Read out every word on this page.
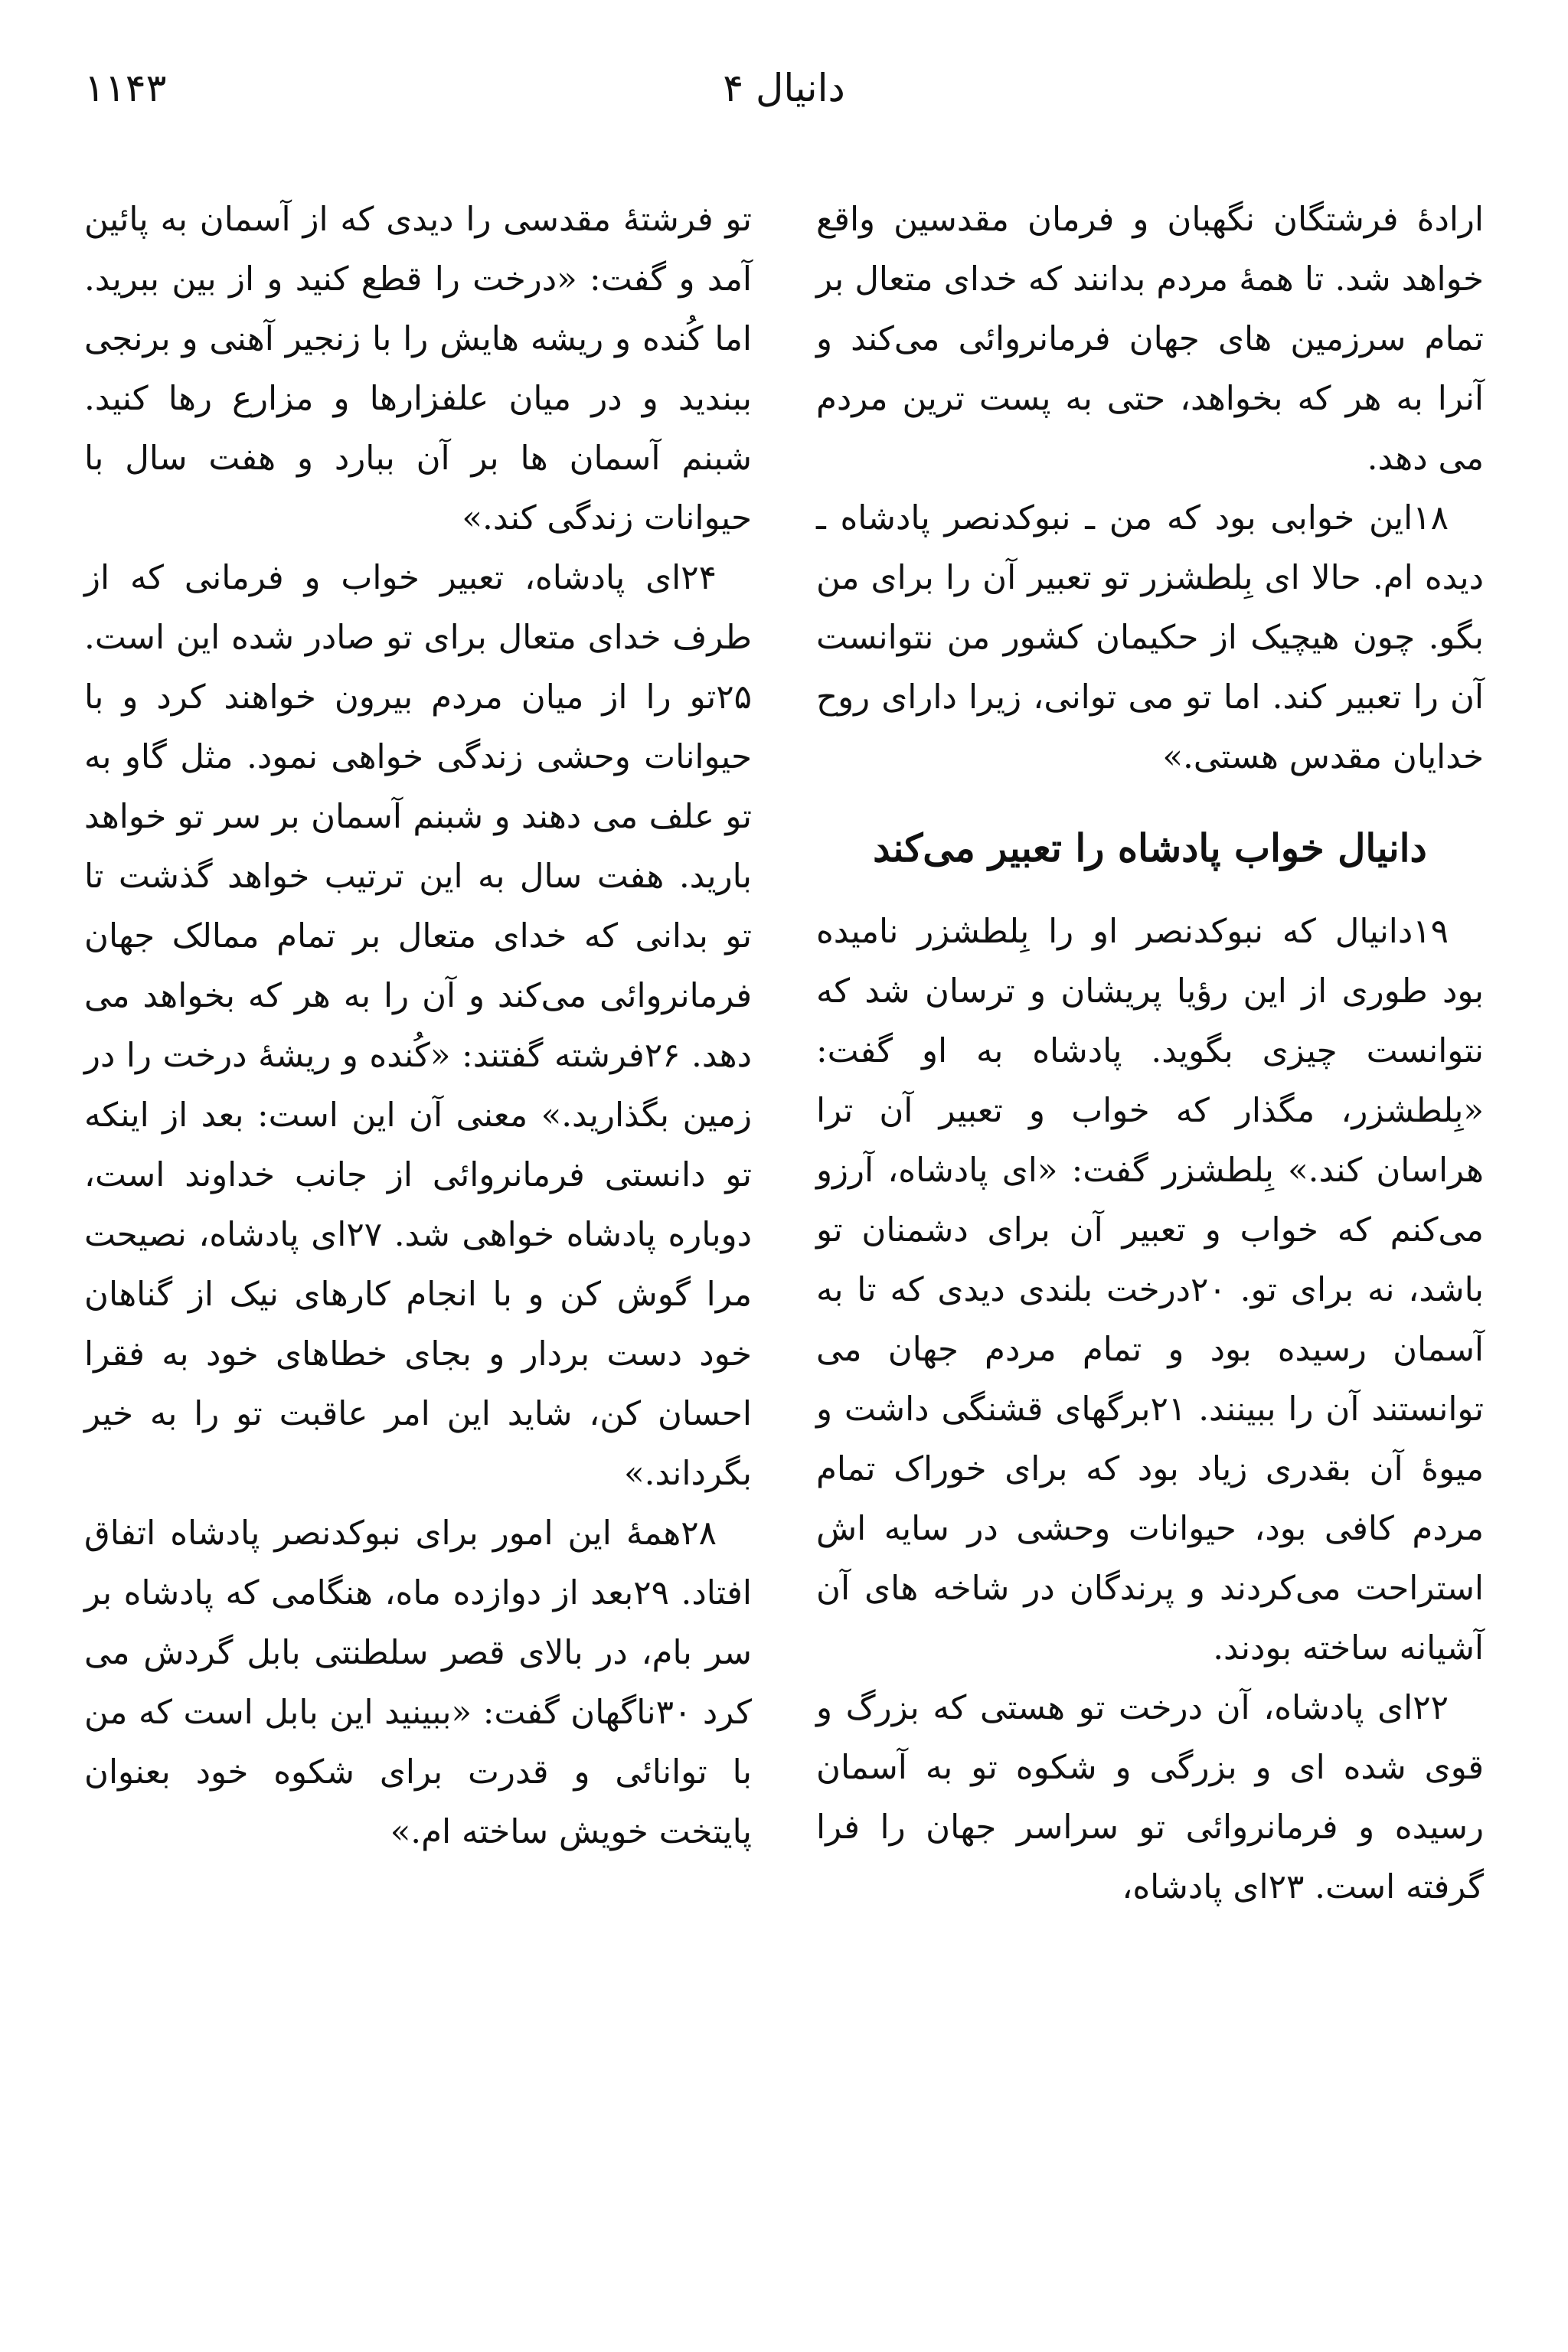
دانیال ۴
۱۱۴۳

ارادۀ فرشتگان نگهبان و فرمان مقدسین واقع خواهد شد. تا همۀ مردم بدانند که خدای متعال بر تمام سرزمین های جهان فرمانروائی می‌کند و آنرا به هر که بخواهد، حتی به پست ترین مردم می دهد.

۱۸این خوابی بود که من ـ نبوکدنصر پادشاه ـ دیده ام. حالا ای بِلطشزر تو تعبیر آن را برای من بگو. چون هیچیک از حکیمان کشور من نتوانست آن را تعبیر کند. اما تو می توانی، زیرا دارای روح خدایان مقدس هستی.»

دانیال خواب پادشاه را تعبیر می‌کند

۱۹دانیال که نبوکدنصر او را بِلطشزر نامیده بود طوری از این رؤیا پریشان و ترسان شد که نتوانست چیزی بگوید. پادشاه به او گفت: «بِلطشزر، مگذار که خواب و تعبیر آن ترا هراسان کند.» بِلطشزر گفت: «ای پادشاه، آرزو می‌کنم که خواب و تعبیر آن برای دشمنان تو باشد، نه برای تو. ۲۰درخت بلندی دیدی که تا به آسمان رسیده بود و تمام مردم جهان می توانستند آن را ببینند. ۲۱برگهای قشنگی داشت و میوۀ آن بقدری زیاد بود که برای خوراک تمام مردم کافی بود، حیوانات وحشی در سایه اش استراحت می‌کردند و پرندگان در شاخه های آن آشیانه ساخته بودند.

۲۲ای پادشاه، آن درخت تو هستی که بزرگ و قوی شده ای و بزرگی و شکوه تو به آسمان رسیده و فرمانروائی تو سراسر جهان را فرا گرفته است. ۲۳ای پادشاه،

تو فرشتۀ مقدسی را دیدی که از آسمان به پائین آمد و گفت: «درخت را قطع کنید و از بین ببرید. اما کُنده و ریشه هایش را با زنجیر آهنی و برنجی ببندید و در میان علفزارها و مزارع رها کنید. شبنم آسمان ها بر آن ببارد و هفت سال با حیوانات زندگی کند.»

۲۴ای پادشاه، تعبیر خواب و فرمانی که از طرف خدای متعال برای تو صادر شده این است. ۲۵تو را از میان مردم بیرون خواهند کرد و با حیوانات وحشی زندگی خواهی نمود. مثل گاو به تو علف می دهند و شبنم آسمان بر سر تو خواهد بارید. هفت سال به این ترتیب خواهد گذشت تا تو بدانی که خدای متعال بر تمام ممالک جهان فرمانروائی می‌کند و آن را به هر که بخواهد می دهد. ۲۶فرشته گفتند: «کُنده و ریشۀ درخت را در زمین بگذارید.» معنی آن این است: بعد از اینکه تو دانستی فرمانروائی از جانب خداوند است، دوباره پادشاه خواهی شد. ۲۷ای پادشاه، نصیحت مرا گوش کن و با انجام کارهای نیک از گناهان خود دست بردار و بجای خطاهای خود به فقرا احسان کن، شاید این امر عاقبت تو را به خیر بگرداند.»

۲۸همۀ این امور برای نبوکدنصر پادشاه اتفاق افتاد. ۲۹بعد از دوازده ماه، هنگامی که پادشاه بر سر بام، در بالای قصر سلطنتی بابل گردش می کرد ۳۰ناگهان گفت: «ببینید این بابل است که من با توانائی و قدرت برای شکوه خود بعنوان پایتخت خویش ساخته ام.»
